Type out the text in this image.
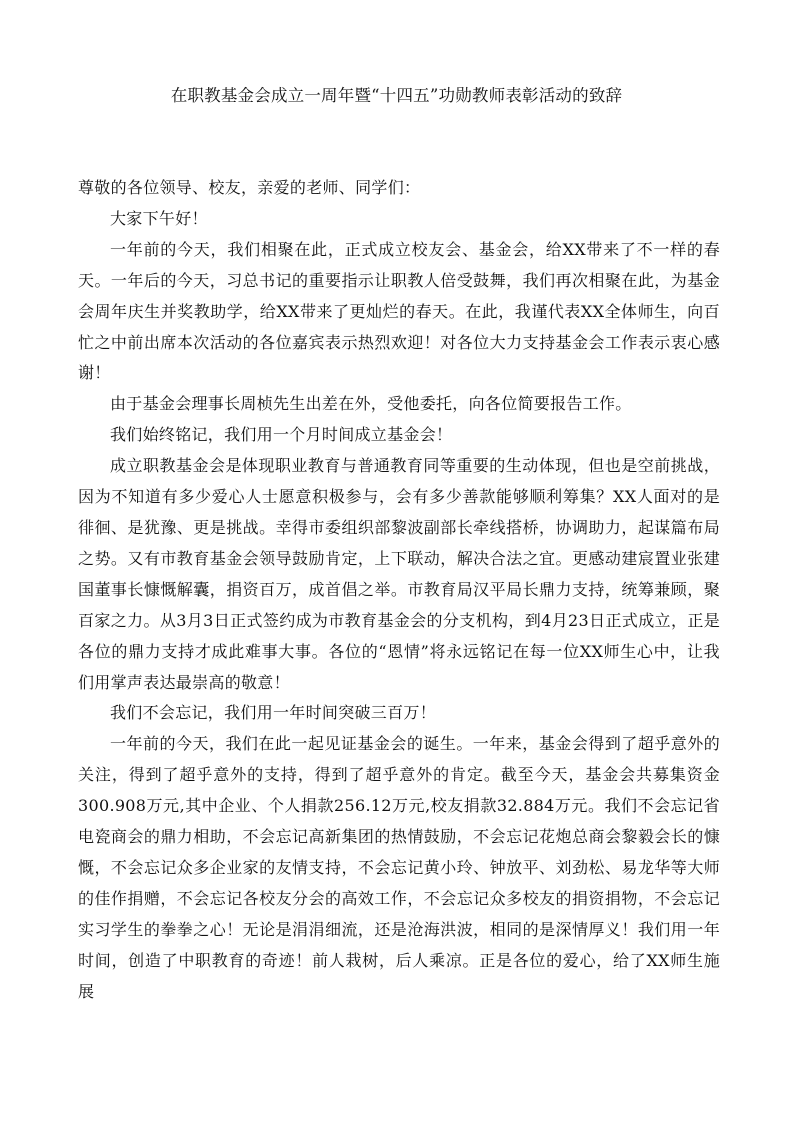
在职教基金会成立一周年暨“十四五”功勋教师表彰活动的致辞

尊敬的各位领导、校友，亲爱的老师、同学们：

大家下午好！

一年前的今天，我们相聚在此，正式成立校友会、基金会，给XX带来了不一样的春天。一年后的今天，习总书记的重要指示让职教人倍受鼓舞，我们再次相聚在此，为基金会周年庆生并奖教助学，给XX带来了更灿烂的春天。在此，我谨代表XX全体师生，向百忙之中前出席本次活动的各位嘉宾表示热烈欢迎！对各位大力支持基金会工作表示衷心感谢！

由于基金会理事长周桢先生出差在外，受他委托，向各位简要报告工作。

我们始终铭记，我们用一个月时间成立基金会！

成立职教基金会是体现职业教育与普通教育同等重要的生动体现，但也是空前挑战，因为不知道有多少爱心人士愿意积极参与，会有多少善款能够顺利筹集？XX人面对的是徘徊、是犹豫、更是挑战。幸得市委组织部黎波副部长牵线搭桥，协调助力，起谋篇布局之势。又有市教育基金会领导鼓励肯定，上下联动，解决合法之宜。更感动建宸置业张建国董事长慷慨解囊，捐资百万，成首倡之举。市教育局汉平局长鼎力支持，统筹兼顾，聚百家之力。从3月3日正式签约成为市教育基金会的分支机构，到4月23日正式成立，正是各位的鼎力支持才成此难事大事。各位的“恩情”将永远铭记在每一位XX师生心中，让我们用掌声表达最崇高的敬意！

我们不会忘记，我们用一年时间突破三百万！

一年前的今天，我们在此一起见证基金会的诞生。一年来，基金会得到了超乎意外的关注，得到了超乎意外的支持，得到了超乎意外的肯定。截至今天，基金会共募集资金300.908万元,其中企业、个人捐款256.12万元,校友捐款32.884万元。我们不会忘记省电瓷商会的鼎力相助，不会忘记高新集团的热情鼓励，不会忘记花炮总商会黎毅会长的慷慨，不会忘记众多企业家的友情支持，不会忘记黄小玲、钟放平、刘劲松、易龙华等大师的佳作捐赠，不会忘记各校友分会的高效工作，不会忘记众多校友的捐资捐物，不会忘记实习学生的拳拳之心！无论是涓涓细流，还是沧海洪波，相同的是深情厚义！我们用一年时间，创造了中职教育的奇迹！前人栽树，后人乘凉。正是各位的爱心，给了XX师生施展
